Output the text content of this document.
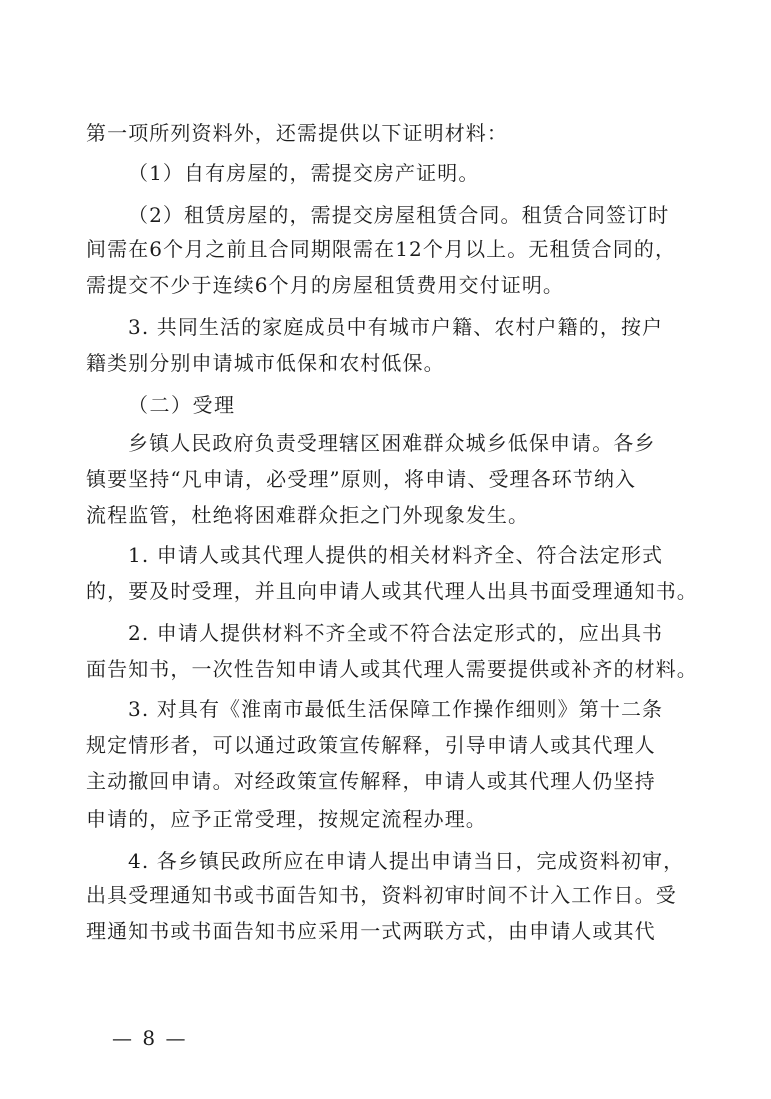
第一项所列资料外，还需提供以下证明材料：
（1）自有房屋的，需提交房产证明。
（2）租赁房屋的，需提交房屋租赁合同。租赁合同签订时
间需在6个月之前且合同期限需在12个月以上。无租赁合同的，
需提交不少于连续6个月的房屋租赁费用交付证明。
3. 共同生活的家庭成员中有城市户籍、农村户籍的，按户
籍类别分别申请城市低保和农村低保。
（二）受理
乡镇人民政府负责受理辖区困难群众城乡低保申请。各乡
镇要坚持“凡申请，必受理”原则，将申请、受理各环节纳入
流程监管，杜绝将困难群众拒之门外现象发生。
1. 申请人或其代理人提供的相关材料齐全、符合法定形式
的，要及时受理，并且向申请人或其代理人出具书面受理通知书。
2. 申请人提供材料不齐全或不符合法定形式的，应出具书
面告知书，一次性告知申请人或其代理人需要提供或补齐的材料。
3. 对具有《淮南市最低生活保障工作操作细则》第十二条
规定情形者，可以通过政策宣传解释，引导申请人或其代理人
主动撤回申请。对经政策宣传解释，申请人或其代理人仍坚持
申请的，应予正常受理，按规定流程办理。
4. 各乡镇民政所应在申请人提出申请当日，完成资料初审，
出具受理通知书或书面告知书，资料初审时间不计入工作日。受
理通知书或书面告知书应采用一式两联方式，由申请人或其代
— 8 —
